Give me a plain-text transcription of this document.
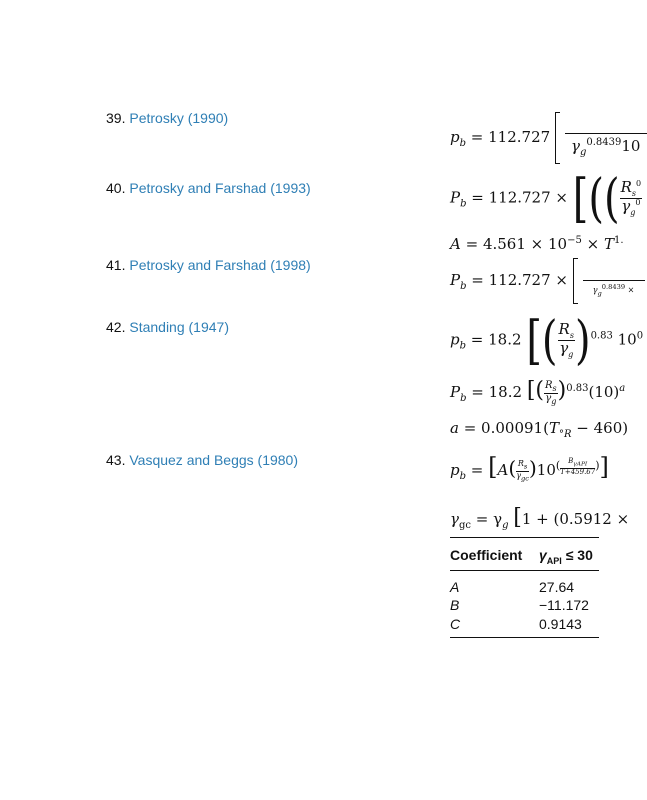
39. Petrosky (1990)
40. Petrosky and Farshad (1993)
41. Petrosky and Farshad (1998)
42. Standing (1947)
43. Vasquez and Beggs (1980)
$p_b = 112.727$
	$\gamma_g^{0.8439}10$
$P_b = 112.727$ × [(( $\frac{R_s^0}{\gamma_g^0}$
$A = 4.561 \times 10^{-5} \times T^{1.}$
$P_b = 112.727$ ×

$\gamma_g^{0.8439}$ ×
$p_b = 18.2$ [( $\frac{R_s}{\gamma_g} )^{0.83}$ $10^0$
$P_b = 18.2$ [( $\frac{R_s}{\gamma_g} )^{0.83}(10)^a$
$a = 0.00091(T_{^\circ R} - 460)$
$p_b = [A( \frac{R_s}{\gamma_{gc}} )10^{( \frac{B_{\gamma API}}{T+459.67} )}]$
$\gamma_{gc} = \gamma_g$ [1 + (0.5912 ×
Coefficient $\gamma_{API} \le 30$
A	27.64
B	−11.172
C	0.9143
